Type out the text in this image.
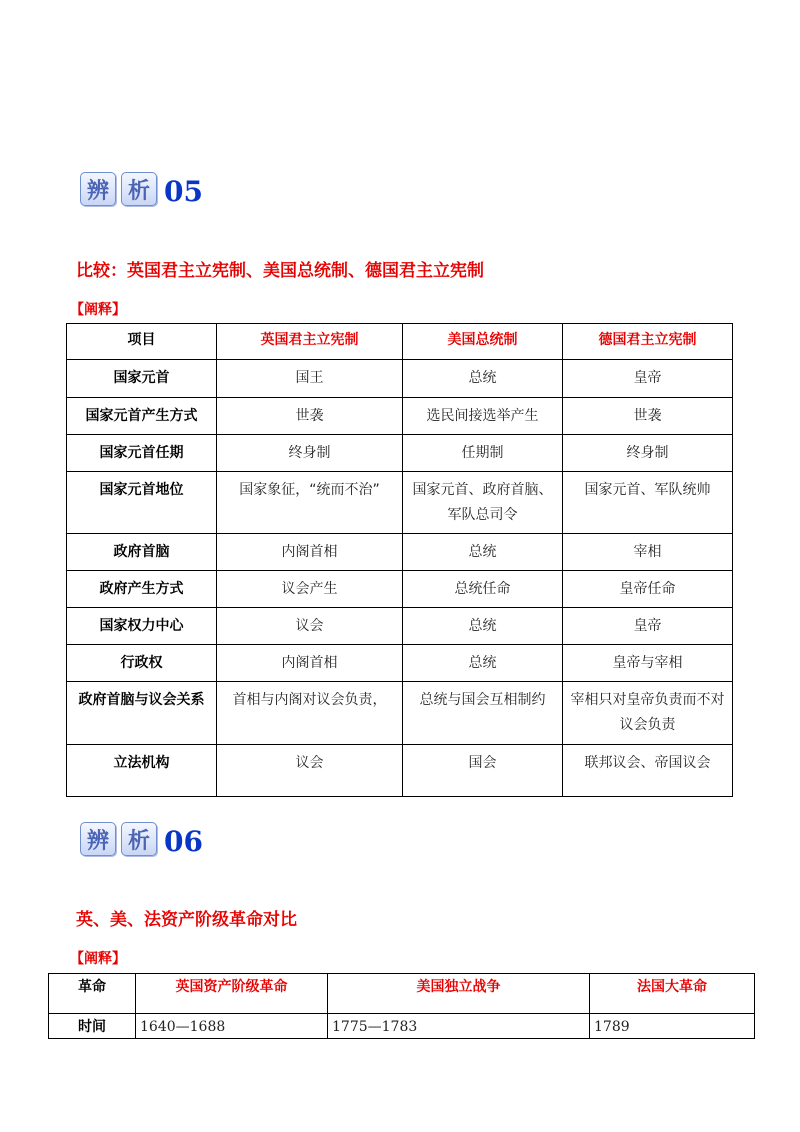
辨 析 05
比较：英国君主立宪制、美国总统制、德国君主立宪制
【阐释】
项目	英国君主立宪制	美国总统制	德国君主立宪制
国家元首	国王	总统	皇帝
国家元首产生方式	世袭	选民间接选举产生	世袭
国家元首任期	终身制	任期制	终身制
国家元首地位	国家象征，“统而不治”	国家元首、政府首脑、军队总司令	国家元首、军队统帅
政府首脑	内阁首相	总统	宰相
政府产生方式	议会产生	总统任命	皇帝任命
国家权力中心	议会	总统	皇帝
行政权	内阁首相	总统	皇帝与宰相
政府首脑与议会关系	首相与内阁对议会负责，	总统与国会互相制约	宰相只对皇帝负责而不对议会负责
立法机构	议会	国会	联邦议会、帝国议会
辨 析 06
英、美、法资产阶级革命对比
【阐释】
革命	英国资产阶级革命	美国独立战争	法国大革命
时间	1640—1688	1775—1783	1789
